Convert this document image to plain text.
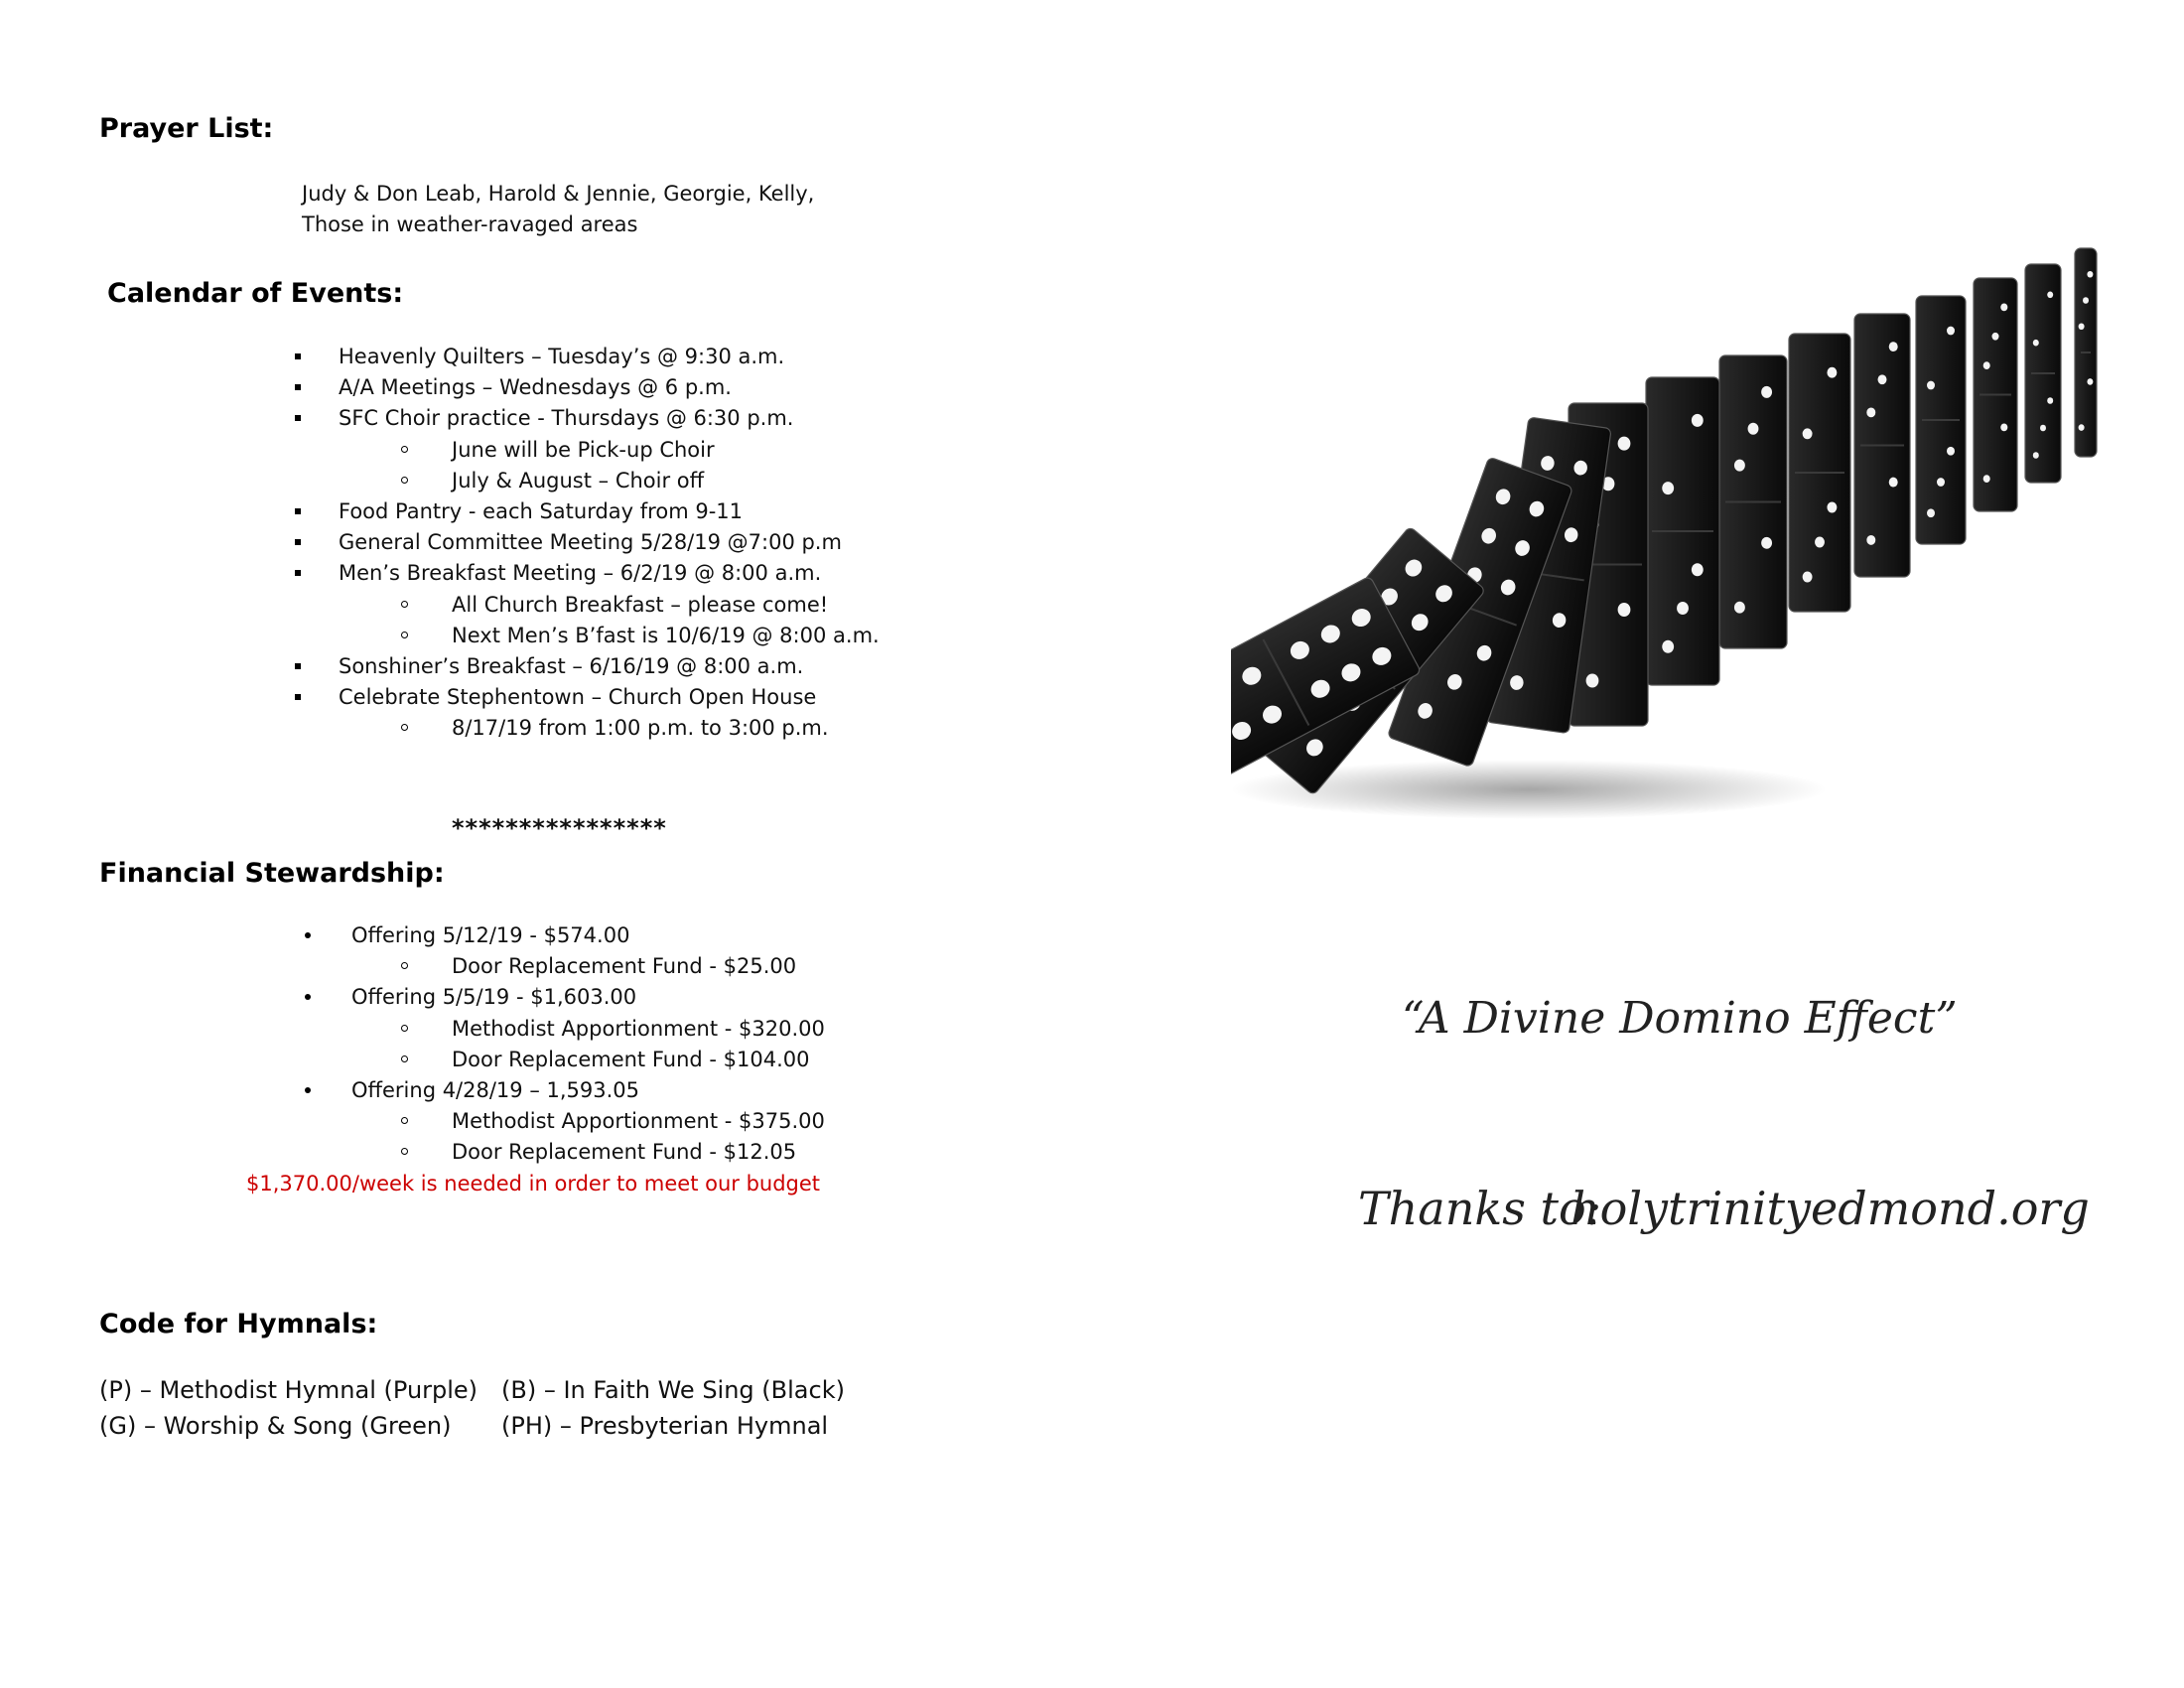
Prayer List:
Judy & Don Leab, Harold & Jennie, Georgie, Kelly,
Those in weather-ravaged areas
Calendar of Events:
Heavenly Quilters – Tuesday’s @ 9:30 a.m.
A/A Meetings – Wednesdays @ 6 p.m.
SFC Choir practice - Thursdays @ 6:30 p.m.
June will be Pick-up Choir
July & August – Choir off
Food Pantry - each Saturday from 9-11
General Committee Meeting 5/28/19 @7:00 p.m
Men’s Breakfast Meeting – 6/2/19 @ 8:00 a.m.
All Church Breakfast – please come!
Next Men’s B’fast is 10/6/19 @ 8:00 a.m.
Sonshiner’s Breakfast – 6/16/19 @ 8:00 a.m.
Celebrate Stephentown – Church Open House
8/17/19 from 1:00 p.m. to 3:00 p.m.
****************
Financial Stewardship:
Offering 5/12/19 - $574.00
Door Replacement Fund - $25.00
Offering 5/5/19 - $1,603.00
Methodist Apportionment - $320.00
Door Replacement Fund - $104.00
Offering 4/28/19 – 1,593.05
Methodist Apportionment - $375.00
Door Replacement Fund - $12.05
$1,370.00/week is needed in order to meet our budget
Code for Hymnals:
(P) – Methodist Hymnal (Purple) (B) – In Faith We Sing (Black)
(G) – Worship & Song (Green) (PH) – Presbyterian Hymnal
“A Divine Domino Effect”
Thanks to:
holytrinityedmond.org
